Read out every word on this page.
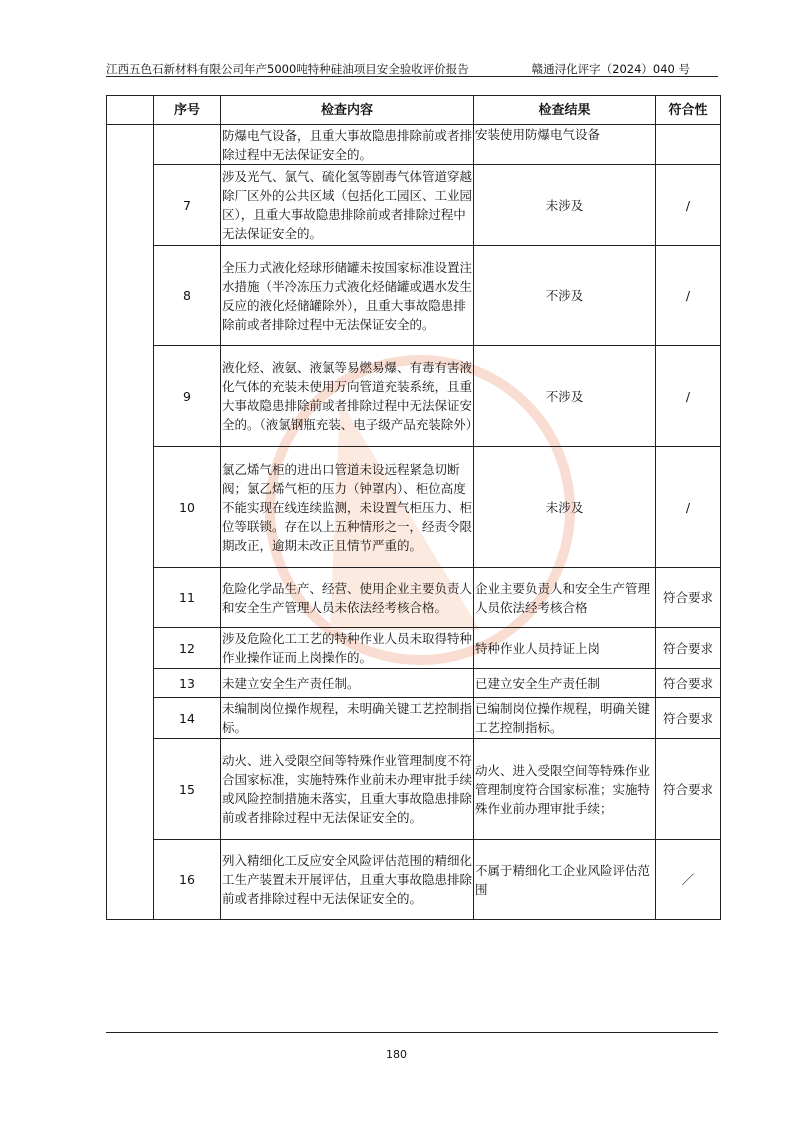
江西五色石新材料有限公司年产5000吨特种硅油项目安全验收评价报告	赣通浔化评字（2024）040 号
	序号	检查内容	检查结果	符合性
		防爆电气设备，且重大事故隐患排除前或者排除过程中无法保证安全的。	安装使用防爆电气设备	
	7	涉及光气、氯气、硫化氢等剧毒气体管道穿越除厂区外的公共区域（包括化工园区、工业园区），且重大事故隐患排除前或者排除过程中无法保证安全的。	未涉及	/
	8	全压力式液化烃球形储罐未按国家标准设置注水措施（半冷冻压力式液化烃储罐或遇水发生反应的液化烃储罐除外），且重大事故隐患排除前或者排除过程中无法保证安全的。	不涉及	/
	9	液化烃、液氨、液氯等易燃易爆、有毒有害液化气体的充装未使用万向管道充装系统，且重大事故隐患排除前或者排除过程中无法保证安全的。（液氯钢瓶充装、电子级产品充装除外）	不涉及	/
	10	氯乙烯气柜的进出口管道未设远程紧急切断阀；氯乙烯气柜的压力（钟罩内）、柜位高度不能实现在线连续监测，未设置气柜压力、柜位等联锁。存在以上五种情形之一，经责令限期改正，逾期未改正且情节严重的。	未涉及	/
	11	危险化学品生产、经营、使用企业主要负责人和安全生产管理人员未依法经考核合格。	企业主要负责人和安全生产管理人员依法经考核合格	符合要求
	12	涉及危险化工工艺的特种作业人员未取得特种作业操作证而上岗操作的。	特种作业人员持证上岗	符合要求
	13	未建立安全生产责任制。	已建立安全生产责任制	符合要求
	14	未编制岗位操作规程，未明确关键工艺控制指标。	已编制岗位操作规程，明确关键工艺控制指标。	符合要求
	15	动火、进入受限空间等特殊作业管理制度不符合国家标准，实施特殊作业前未办理审批手续或风险控制措施未落实，且重大事故隐患排除前或者排除过程中无法保证安全的。	动火、进入受限空间等特殊作业管理制度符合国家标准；实施特殊作业前办理审批手续；	符合要求
	16	列入精细化工反应安全风险评估范围的精细化工生产装置未开展评估，且重大事故隐患排除前或者排除过程中无法保证安全的。	不属于精细化工企业风险评估范围	／
180
